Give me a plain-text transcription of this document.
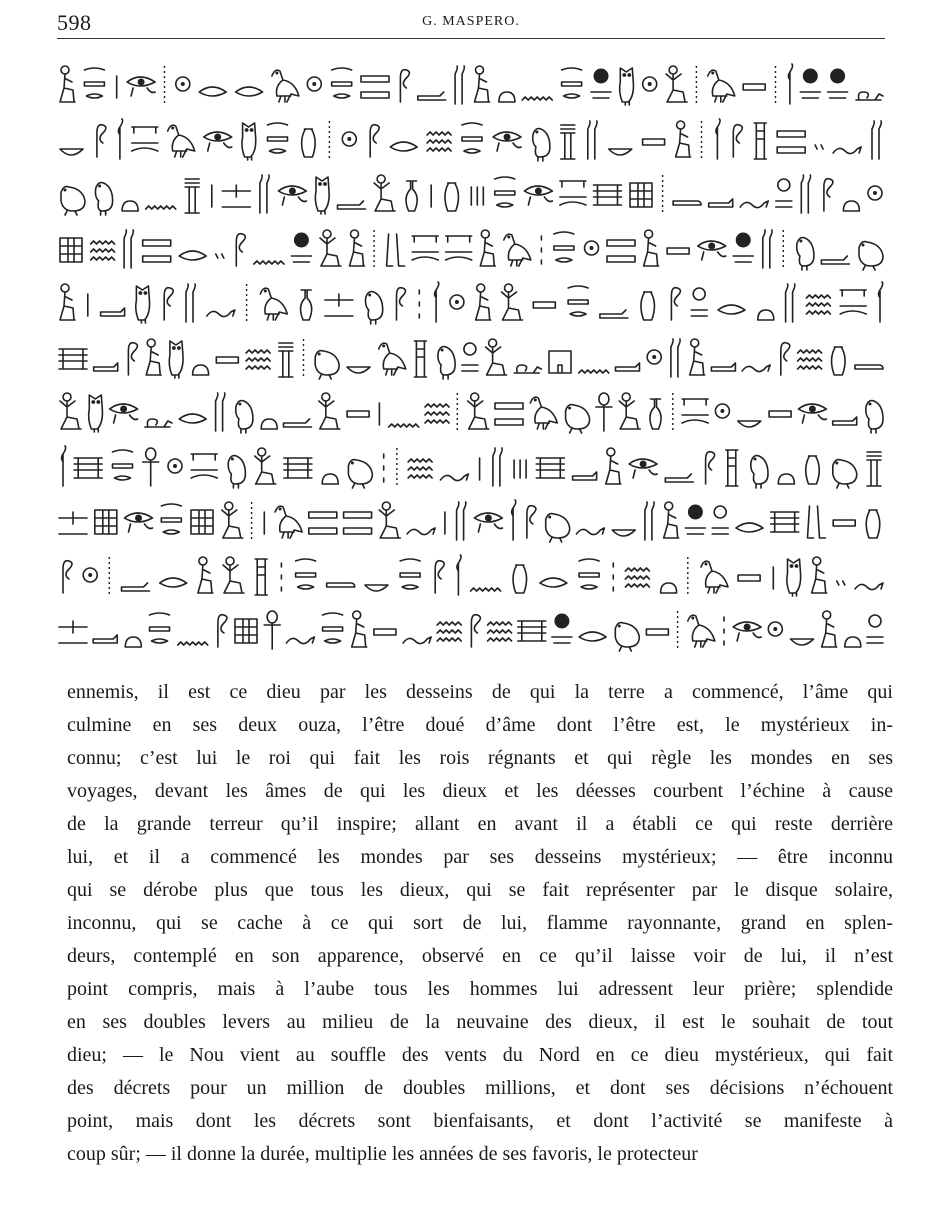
598	G. MASPERO.
ennemis, il est ce dieu par les desseins de qui la terre a commencé, l’âme qui
culmine en ses deux ouza, l’être doué d’âme dont l’être est, le mystérieux in-
connu; c’est lui le roi qui fait les rois régnants et qui règle les mondes en ses
voyages, devant les âmes de qui les dieux et les déesses courbent l’échine à cause
de la grande terreur qu’il inspire; allant en avant il a établi ce qui reste derrière
lui, et il a commencé les mondes par ses desseins mystérieux; — être inconnu
qui se dérobe plus que tous les dieux, qui se fait représenter par le disque solaire,
inconnu, qui se cache à ce qui sort de lui, flamme rayonnante, grand en splen-
deurs, contemplé en son apparence, observé en ce qu’il laisse voir de lui, il n’est
point compris, mais à l’aube tous les hommes lui adressent leur prière; splendide
en ses doubles levers au milieu de la neuvaine des dieux, il est le souhait de tout
dieu; — le Nou vient au souffle des vents du Nord en ce dieu mystérieux, qui fait
des décrets pour un million de doubles millions, et dont ses décisions n’échouent
point, mais dont les décrets sont bienfaisants, et dont l’activité se manifeste à
coup sûr; — il donne la durée, multiplie les années de ses favoris, le protecteur
